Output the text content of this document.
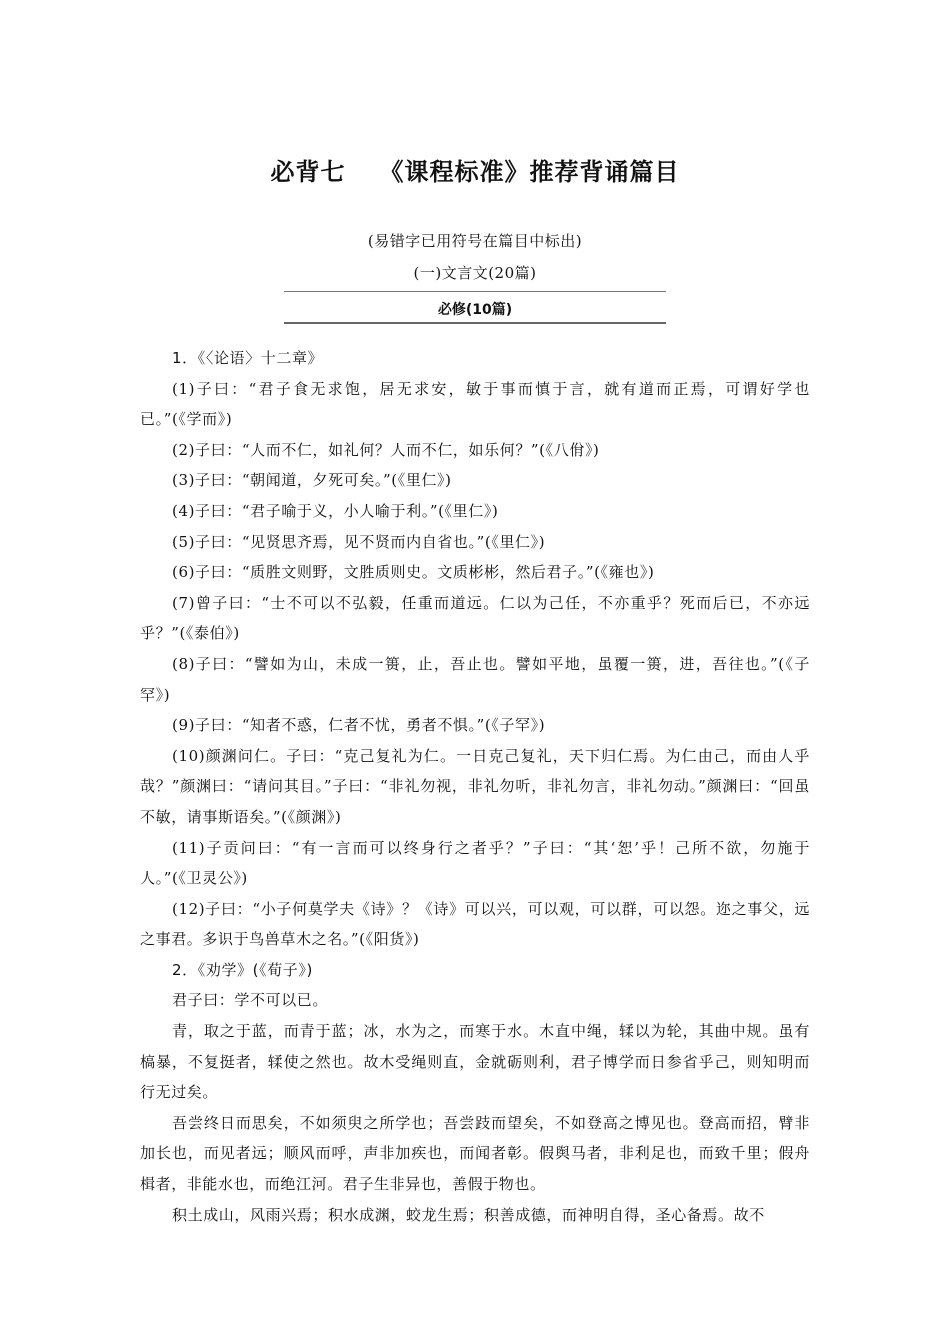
必背七 《课程标准》推荐背诵篇目
(易错字已用符号在篇目中标出)
(一)文言文(20篇)
必修(10篇)

1．《〈论语〉十二章》

(1)子曰：“君子食无求饱，居无求安，敏于事而慎于言，就有道而正焉，可谓好学也已。”(《学而》)

(2)子曰：“人而不仁，如礼何？人而不仁，如乐何？”(《八佾》)

(3)子曰：“朝闻道，夕死可矣。”(《里仁》)

(4)子曰：“君子喻于义，小人喻于利。”(《里仁》)

(5)子曰：“见贤思齐焉，见不贤而内自省也。”(《里仁》)

(6)子曰：“质胜文则野，文胜质则史。文质彬彬，然后君子。”(《雍也》)

(7)曾子曰：“士不可以不弘毅，任重而道远。仁以为己任，不亦重乎？死而后已，不亦远乎？”(《泰伯》)

(8)子曰：“譬如为山，未成一篑，止，吾止也。譬如平地，虽覆一篑，进，吾往也。”(《子罕》)

(9)子曰：“知者不惑，仁者不忧，勇者不惧。”(《子罕》)

(10)颜渊问仁。子曰：“克己复礼为仁。一日克己复礼，天下归仁焉。为仁由己，而由人乎哉？”颜渊曰：“请问其目。”子曰：“非礼勿视，非礼勿听，非礼勿言，非礼勿动。”颜渊曰：“回虽不敏，请事斯语矣。”(《颜渊》)

(11)子贡问曰：“有一言而可以终身行之者乎？”子曰：“其‘恕’乎！己所不欲，勿施于人。”(《卫灵公》)

(12)子曰：“小子何莫学夫《诗》？《诗》可以兴，可以观，可以群，可以怨。迩之事父，远之事君。多识于鸟兽草木之名。”(《阳货》)

2．《劝学》(《荀子》)

君子曰：学不可以已。

青，取之于蓝，而青于蓝；冰，水为之，而寒于水。木直中绳，𫐓以为轮，其曲中规。虽有槁暴，不复挺者，𫐓使之然也。故木受绳则直，金就砺则利，君子博学而日参省乎己，则知明而行无过矣。

吾尝终日而思矣，不如须臾之所学也；吾尝跂而望矣，不如登高之博见也。登高而招，臂非加长也，而见者远；顺风而呼，声非加疾也，而闻者彰。假舆马者，非利足也，而致千里；假舟楫者，非能水也，而绝江河。君子生非异也，善假于物也。

积土成山，风雨兴焉；积水成渊，蛟龙生焉；积善成德，而神明自得，圣心备焉。故不
